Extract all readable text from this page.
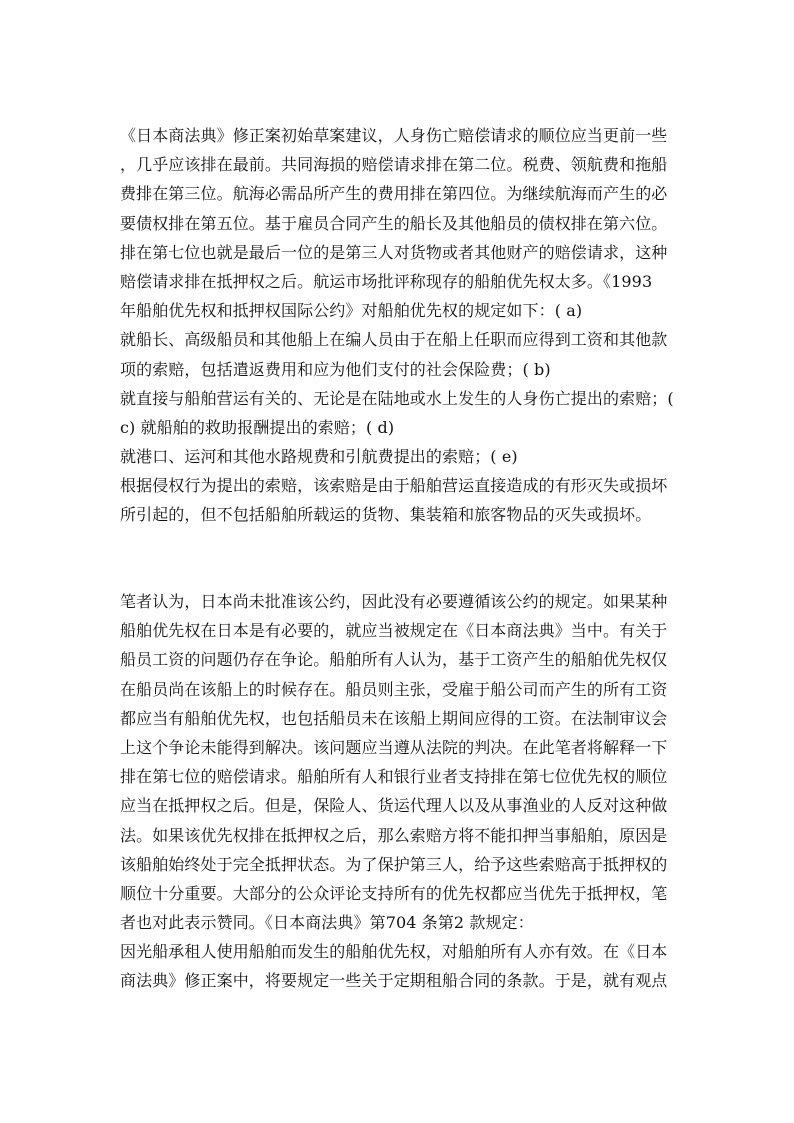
《日本商法典》修正案初始草案建议，人身伤亡赔偿请求的顺位应当更前一些
，几乎应该排在最前。共同海损的赔偿请求排在第二位。税费、领航费和拖船
费排在第三位。航海必需品所产生的费用排在第四位。为继续航海而产生的必
要债权排在第五位。基于雇员合同产生的船长及其他船员的债权排在第六位。
排在第七位也就是最后一位的是第三人对货物或者其他财产的赔偿请求，这种
赔偿请求排在抵押权之后。航运市场批评称现存的船舶优先权太多。《1993
年船舶优先权和抵押权国际公约》对船舶优先权的规定如下：( a)
就船长、高级船员和其他船上在编人员由于在船上任职而应得到工资和其他款
项的索赔，包括遣返费用和应为他们支付的社会保险费；( b)
就直接与船舶营运有关的、无论是在陆地或水上发生的人身伤亡提出的索赔；(
c) 就船舶的救助报酬提出的索赔；( d)
就港口、运河和其他水路规费和引航费提出的索赔；( e)
根据侵权行为提出的索赔，该索赔是由于船舶营运直接造成的有形灭失或损坏
所引起的，但不包括船舶所载运的货物、集装箱和旅客物品的灭失或损坏。
笔者认为，日本尚未批准该公约，因此没有必要遵循该公约的规定。如果某种
船舶优先权在日本是有必要的，就应当被规定在《日本商法典》当中。有关于
船员工资的问题仍存在争论。船舶所有人认为，基于工资产生的船舶优先权仅
在船员尚在该船上的时候存在。船员则主张，受雇于船公司而产生的所有工资
都应当有船舶优先权，也包括船员未在该船上期间应得的工资。在法制审议会
上这个争论未能得到解决。该问题应当遵从法院的判决。在此笔者将解释一下
排在第七位的赔偿请求。船舶所有人和银行业者支持排在第七位优先权的顺位
应当在抵押权之后。但是，保险人、货运代理人以及从事渔业的人反对这种做
法。如果该优先权排在抵押权之后，那么索赔方将不能扣押当事船舶，原因是
该船舶始终处于完全抵押状态。为了保护第三人，给予这些索赔高于抵押权的
顺位十分重要。大部分的公众评论支持所有的优先权都应当优先于抵押权，笔
者也对此表示赞同。《日本商法典》第704 条第2 款规定：
因光船承租人使用船舶而发生的船舶优先权，对船舶所有人亦有效。在《日本
商法典》修正案中，将要规定一些关于定期租船合同的条款。于是，就有观点
